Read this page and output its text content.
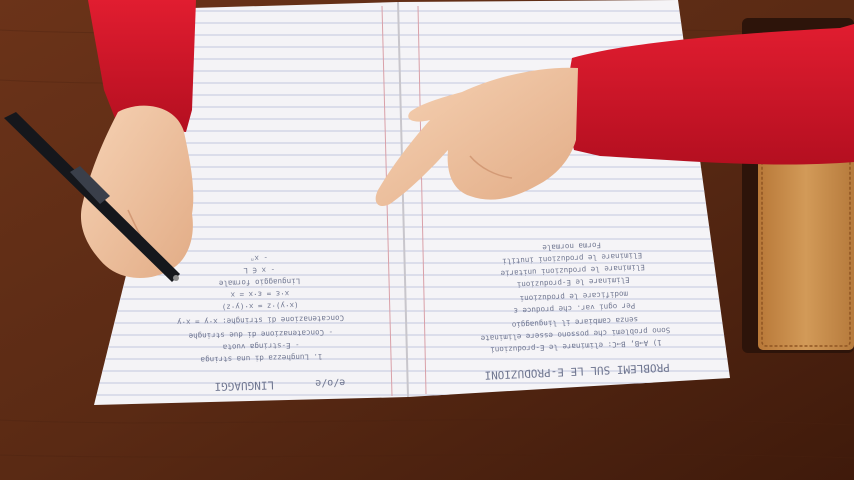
LINGUAGGI	e/o/e
1. Lunghezza di una stringa
- E-stringa vuota
- Concatenazione di due stringhe
Concatenazione di stringhe: x·y = x·y
(x·y)·z = x·(y·z)
x·ε = ε·x = x
Linguaggio formale
- x ∈ L
- xⁿ
PROBLEMI SUL LE E-PRODUZIONI
1) A→B, B→C: eliminare le E-produzioni
Sono problemi che possono essere eliminate
senza cambiare il linguaggio
Per ogni var. che produce ε
modificare le produzioni
Eliminare le E-produzioni
Eliminare le produzioni unitarie
Eliminare le produzioni inutili
Forma normale
